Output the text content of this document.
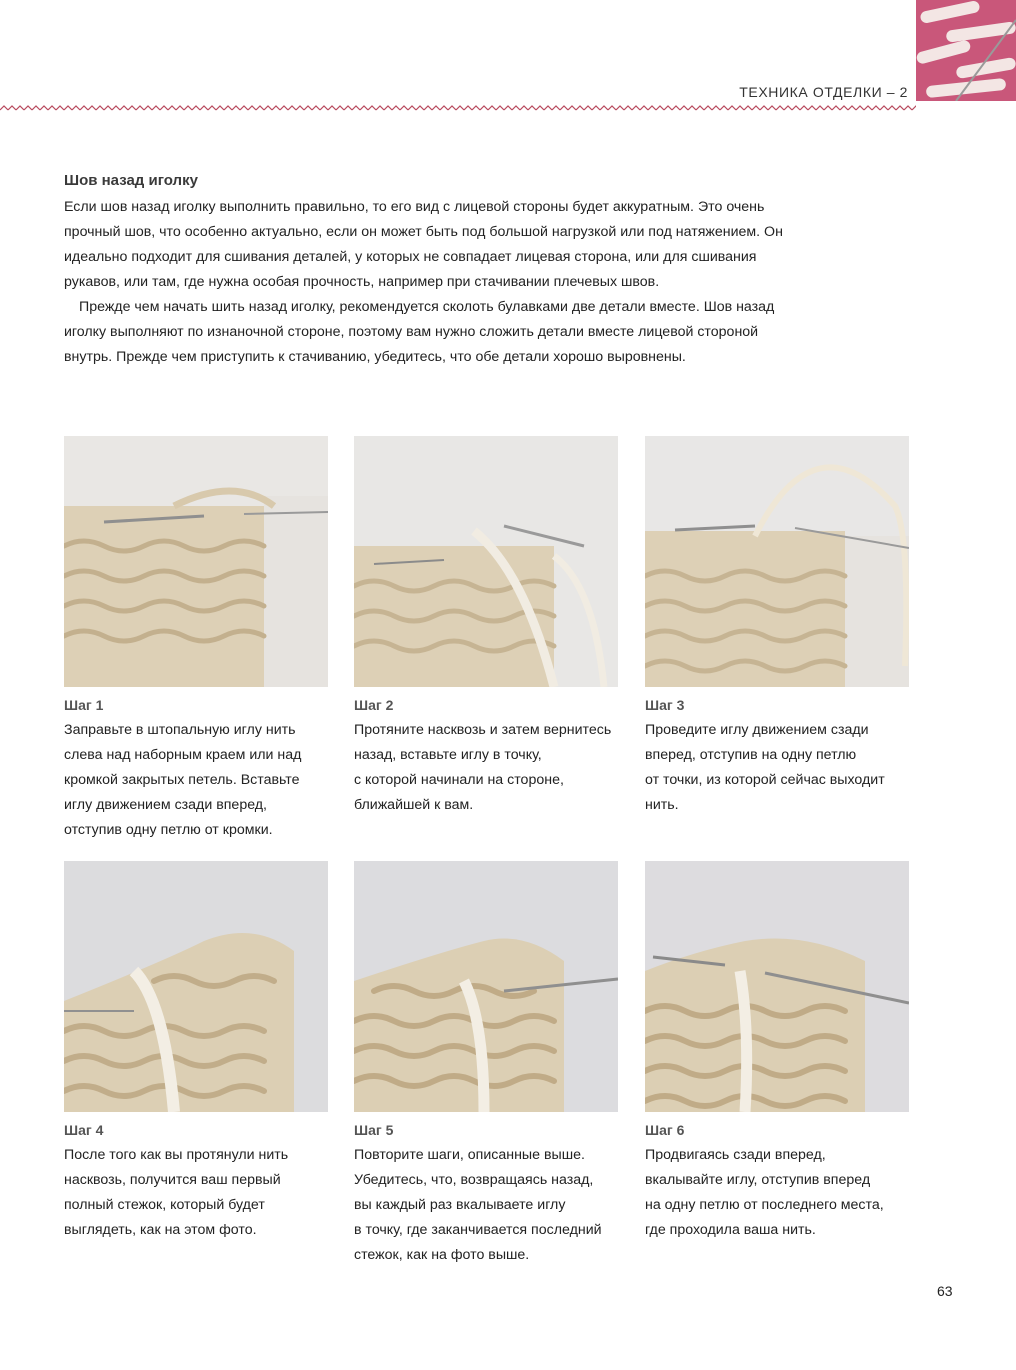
ТЕХНИКА ОТДЕЛКИ – 2
Шов назад иголку

Если шов назад иголку выполнить правильно, то его вид с лицевой стороны будет аккуратным. Это очень прочный шов, что особенно актуально, если он может быть под большой нагрузкой или под натяжением. Он идеально подходит для сшивания деталей, у которых не совпадает лицевая сторона, или для сшивания рукавов, или там, где нужна особая прочность, например при стачивании плечевых швов.

Прежде чем начать шить назад иголку, рекомендуется сколоть булавками две детали вместе. Шов назад иголку выполняют по изнаночной стороне, поэтому вам нужно сложить детали вместе лицевой стороной внутрь. Прежде чем приступить к стачиванию, убедитесь, что обе детали хорошо выровнены.

Шаг 1
Заправьте в штопальную иглу нить
слева над наборным краем или над
кромкой закрытых петель. Вставьте
иглу движением сзади вперед,
отступив одну петлю от кромки.
Шаг 2
Протяните насквозь и затем вернитесь
назад, вставьте иглу в точку,
с которой начинали на стороне,
ближайшей к вам.
Шаг 3
Проведите иглу движением сзади
вперед, отступив на одну петлю
от точки, из которой сейчас выходит
нить.
Шаг 4
После того как вы протянули нить
насквозь, получится ваш первый
полный стежок, который будет
выглядеть, как на этом фото.
Шаг 5
Повторите шаги, описанные выше.
Убедитесь, что, возвращаясь назад,
вы каждый раз вкалываете иглу
в точку, где заканчивается последний
стежок, как на фото выше.
Шаг 6
Продвигаясь сзади вперед,
вкалывайте иглу, отступив вперед
на одну петлю от последнего места,
где проходила ваша нить.
63
